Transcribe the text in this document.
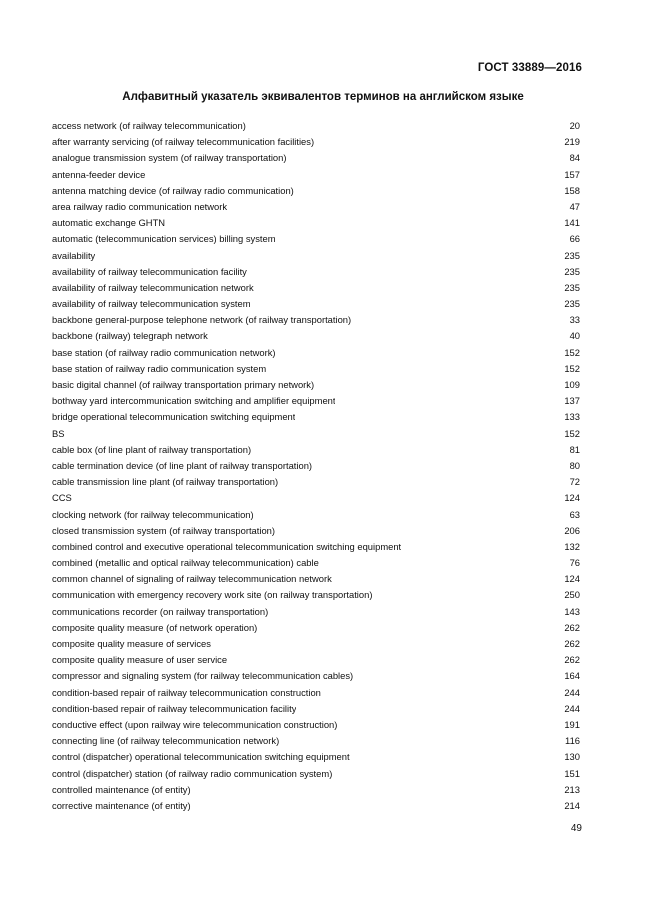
ГОСТ 33889—2016
Алфавитный указатель эквивалентов терминов на английском языке
access network (of railway telecommunication)	20
after warranty servicing (of railway telecommunication facilities)	219
analogue transmission system (of railway transportation)	84
antenna-feeder device	157
antenna matching device (of railway radio communication)	158
area railway radio communication network	47
automatic exchange GHTN	141
automatic (telecommunication services) billing system	66
availability	235
availability of railway telecommunication facility	235
availability of railway telecommunication network	235
availability of railway telecommunication system	235
backbone general-purpose telephone network (of railway transportation)	33
backbone (railway) telegraph network	40
base station (of railway radio communication network)	152
base station of railway radio communication system	152
basic digital channel (of railway transportation primary network)	109
bothway yard intercommunication switching and amplifier equipment	137
bridge operational telecommunication switching equipment	133
BS	152
cable box (of line plant of railway transportation)	81
cable termination device (of line plant of railway transportation)	80
cable transmission line plant (of railway transportation)	72
CCS	124
clocking network (for railway telecommunication)	63
closed transmission system (of railway transportation)	206
combined control and executive operational telecommunication switching equipment	132
combined (metallic and optical railway telecommunication) cable	76
common channel of signaling of railway telecommunication network	124
communication with emergency recovery work site (on railway transportation)	250
communications recorder (on railway transportation)	143
composite quality measure (of network operation)	262
composite quality measure of services	262
composite quality measure of user service	262
compressor and signaling system (for railway telecommunication cables)	164
condition-based repair of railway telecommunication construction	244
condition-based repair of railway telecommunication facility	244
conductive effect (upon railway wire telecommunication construction)	191
connecting line (of railway telecommunication network)	116
control (dispatcher) operational telecommunication switching equipment	130
control (dispatcher) station (of railway radio communication system)	151
controlled maintenance (of entity)	213
corrective maintenance (of entity)	214
49
